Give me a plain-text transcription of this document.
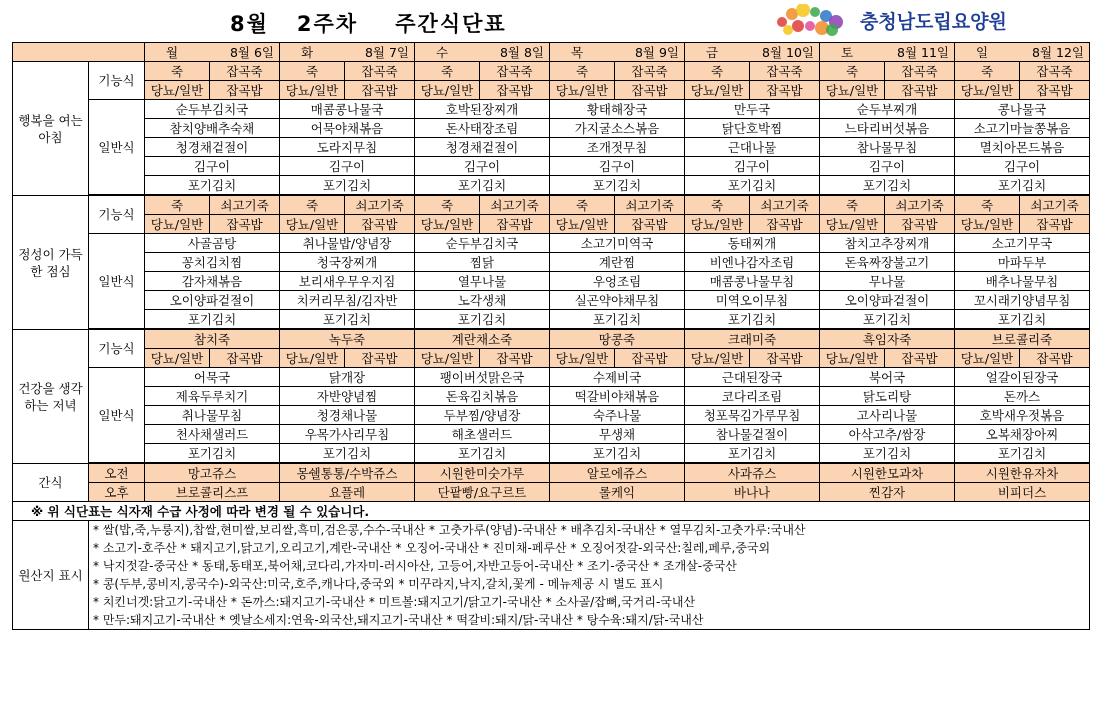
8월   2주차    주간식단표	충청남도립요양원
		월 8월 6일		화 8월 7일		수 8월 8일		목 8월 9일		금 8월 10일		토 8월 11일		일 8월 12일	
행복을 여는 아침	기능식	죽	잡곡죽	죽	잡곡죽	죽	잡곡죽	죽	잡곡죽	죽	잡곡죽	죽	잡곡죽	죽	잡곡죽
		당뇨/일반	잡곡밥	당뇨/일반	잡곡밥	당뇨/일반	잡곡밥	당뇨/일반	잡곡밥	당뇨/일반	잡곡밥	당뇨/일반	잡곡밥	당뇨/일반	잡곡밥
	일반식	순두부김치국		매콤콩나물국		호박된장찌개		황태해장국		만두국		순두부찌개		콩나물국	
		참치양배추숙채		어묵야채볶음		돈사태장조림		가지굴소스볶음		닭단호박찜		느타리버섯볶음		소고기마늘쫑볶음	
		청경채겉절이		도라지무침		청경채겉절이		조개젓무침		근대나물		참나물무침		멸치아몬드볶음	
		김구이		김구이		김구이		김구이		김구이		김구이		김구이	
		포기김치		포기김치		포기김치		포기김치		포기김치		포기김치		포기김치	

정성이 가득한 점심	기능식	죽	쇠고기죽	죽	쇠고기죽	죽	쇠고기죽	죽	쇠고기죽	죽	쇠고기죽	죽	쇠고기죽	죽	쇠고기죽
		당뇨/일반	잡곡밥	당뇨/일반	잡곡밥	당뇨/일반	잡곡밥	당뇨/일반	잡곡밥	당뇨/일반	잡곡밥	당뇨/일반	잡곡밥	당뇨/일반	잡곡밥
	일반식	사골곰탕		취나물밥/양념장		순두부김치국		소고기미역국		동태찌개		참치고추장찌개		소고기무국	
		꽁치김치찜		청국장찌개		찜닭		계란찜		비엔나감자조림		돈육짜장불고기		마파두부	
		감자채볶음		보리새우무우지짐		열무나물		우엉조림		매콤콩나물무침		무나물		배추나물무침	
		오이양파겉절이		치커리무침/김자반		노각생채		실곤약야채무침		미역오이무침		오이양파겉절이		꼬시래기양념무침	
		포기김치		포기김치		포기김치		포기김치		포기김치		포기김치		포기김치	

건강을 생각하는 저녁	기능식	참치죽		녹두죽		계란채소죽		땅콩죽		크래미죽		흑임자죽		브로콜리죽	
		당뇨/일반	잡곡밥	당뇨/일반	잡곡밥	당뇨/일반	잡곡밥	당뇨/일반	잡곡밥	당뇨/일반	잡곡밥	당뇨/일반	잡곡밥	당뇨/일반	잡곡밥
	일반식	어묵국		닭개장		팽이버섯맑은국		수제비국		근대된장국		북어국		얼갈이된장국	
		제육두루치기		자반양념찜		돈육김치볶음		떡갈비야채볶음		코다리조림		닭도리탕		돈까스	
		취나물무침		청경채나물		두부찜/양념장		숙주나물		청포묵김가루무침		고사리나물		호박새우젓볶음	
		천사채샐러드		우목가사리무침		해초샐러드		무생채		참나물겉절이		아삭고추/쌈장		오복채장아찌	
		포기김치		포기김치		포기김치		포기김치		포기김치		포기김치		포기김치	

간식	오전	망고쥬스		몽쉘통통/수박쥬스		시원한미숫가루		알로에쥬스		사과쥬스		시원한모과차		시원한유자차	
	오후	브로콜리스프		요플레		단팥빵/요구르트		롤케익		바나나		찐감자		비피더스	
※ 위 식단표는 식자재 수급 사정에 따라 변경 될 수 있습니다.															
원산지 표시	* 쌀(밥,죽,누룽지),찹쌀,현미쌀,보리쌀,흑미,검은콩,수수-국내산 * 고춧가루(양념)-국내산 * 배추김치-국내산 * 열무김치-고춧가루:국내산														
	* 소고기-호주산 * 돼지고기,닭고기,오리고기,계란-국내산 * 오징어-국내산 * 진미채-페루산 * 오징어젓갈-외국산:칠레,페루,중국외														
	* 낙지젓갈-중국산 * 동태,동태포,북어채,코다리,가자미-러시아산, 고등어,자반고등어-국내산 * 조기-중국산 * 조개살-중국산														
	* 콩(두부,콩비지,콩국수)-외국산:미국,호주,캐나다,중국외 * 미꾸라지,낙지,갈치,꽃게 - 메뉴제공 시 별도 표시														
	* 치킨너겟:닭고기-국내산 * 돈까스:돼지고기-국내산 * 미트볼:돼지고기/닭고기-국내산 * 소사골/잡뼈,국거리-국내산														
	* 만두:돼지고기-국내산 * 옛날소세지:연육-외국산,돼지고기-국내산 * 떡갈비:돼지/닭-국내산 * 탕수육:돼지/닭-국내산														
